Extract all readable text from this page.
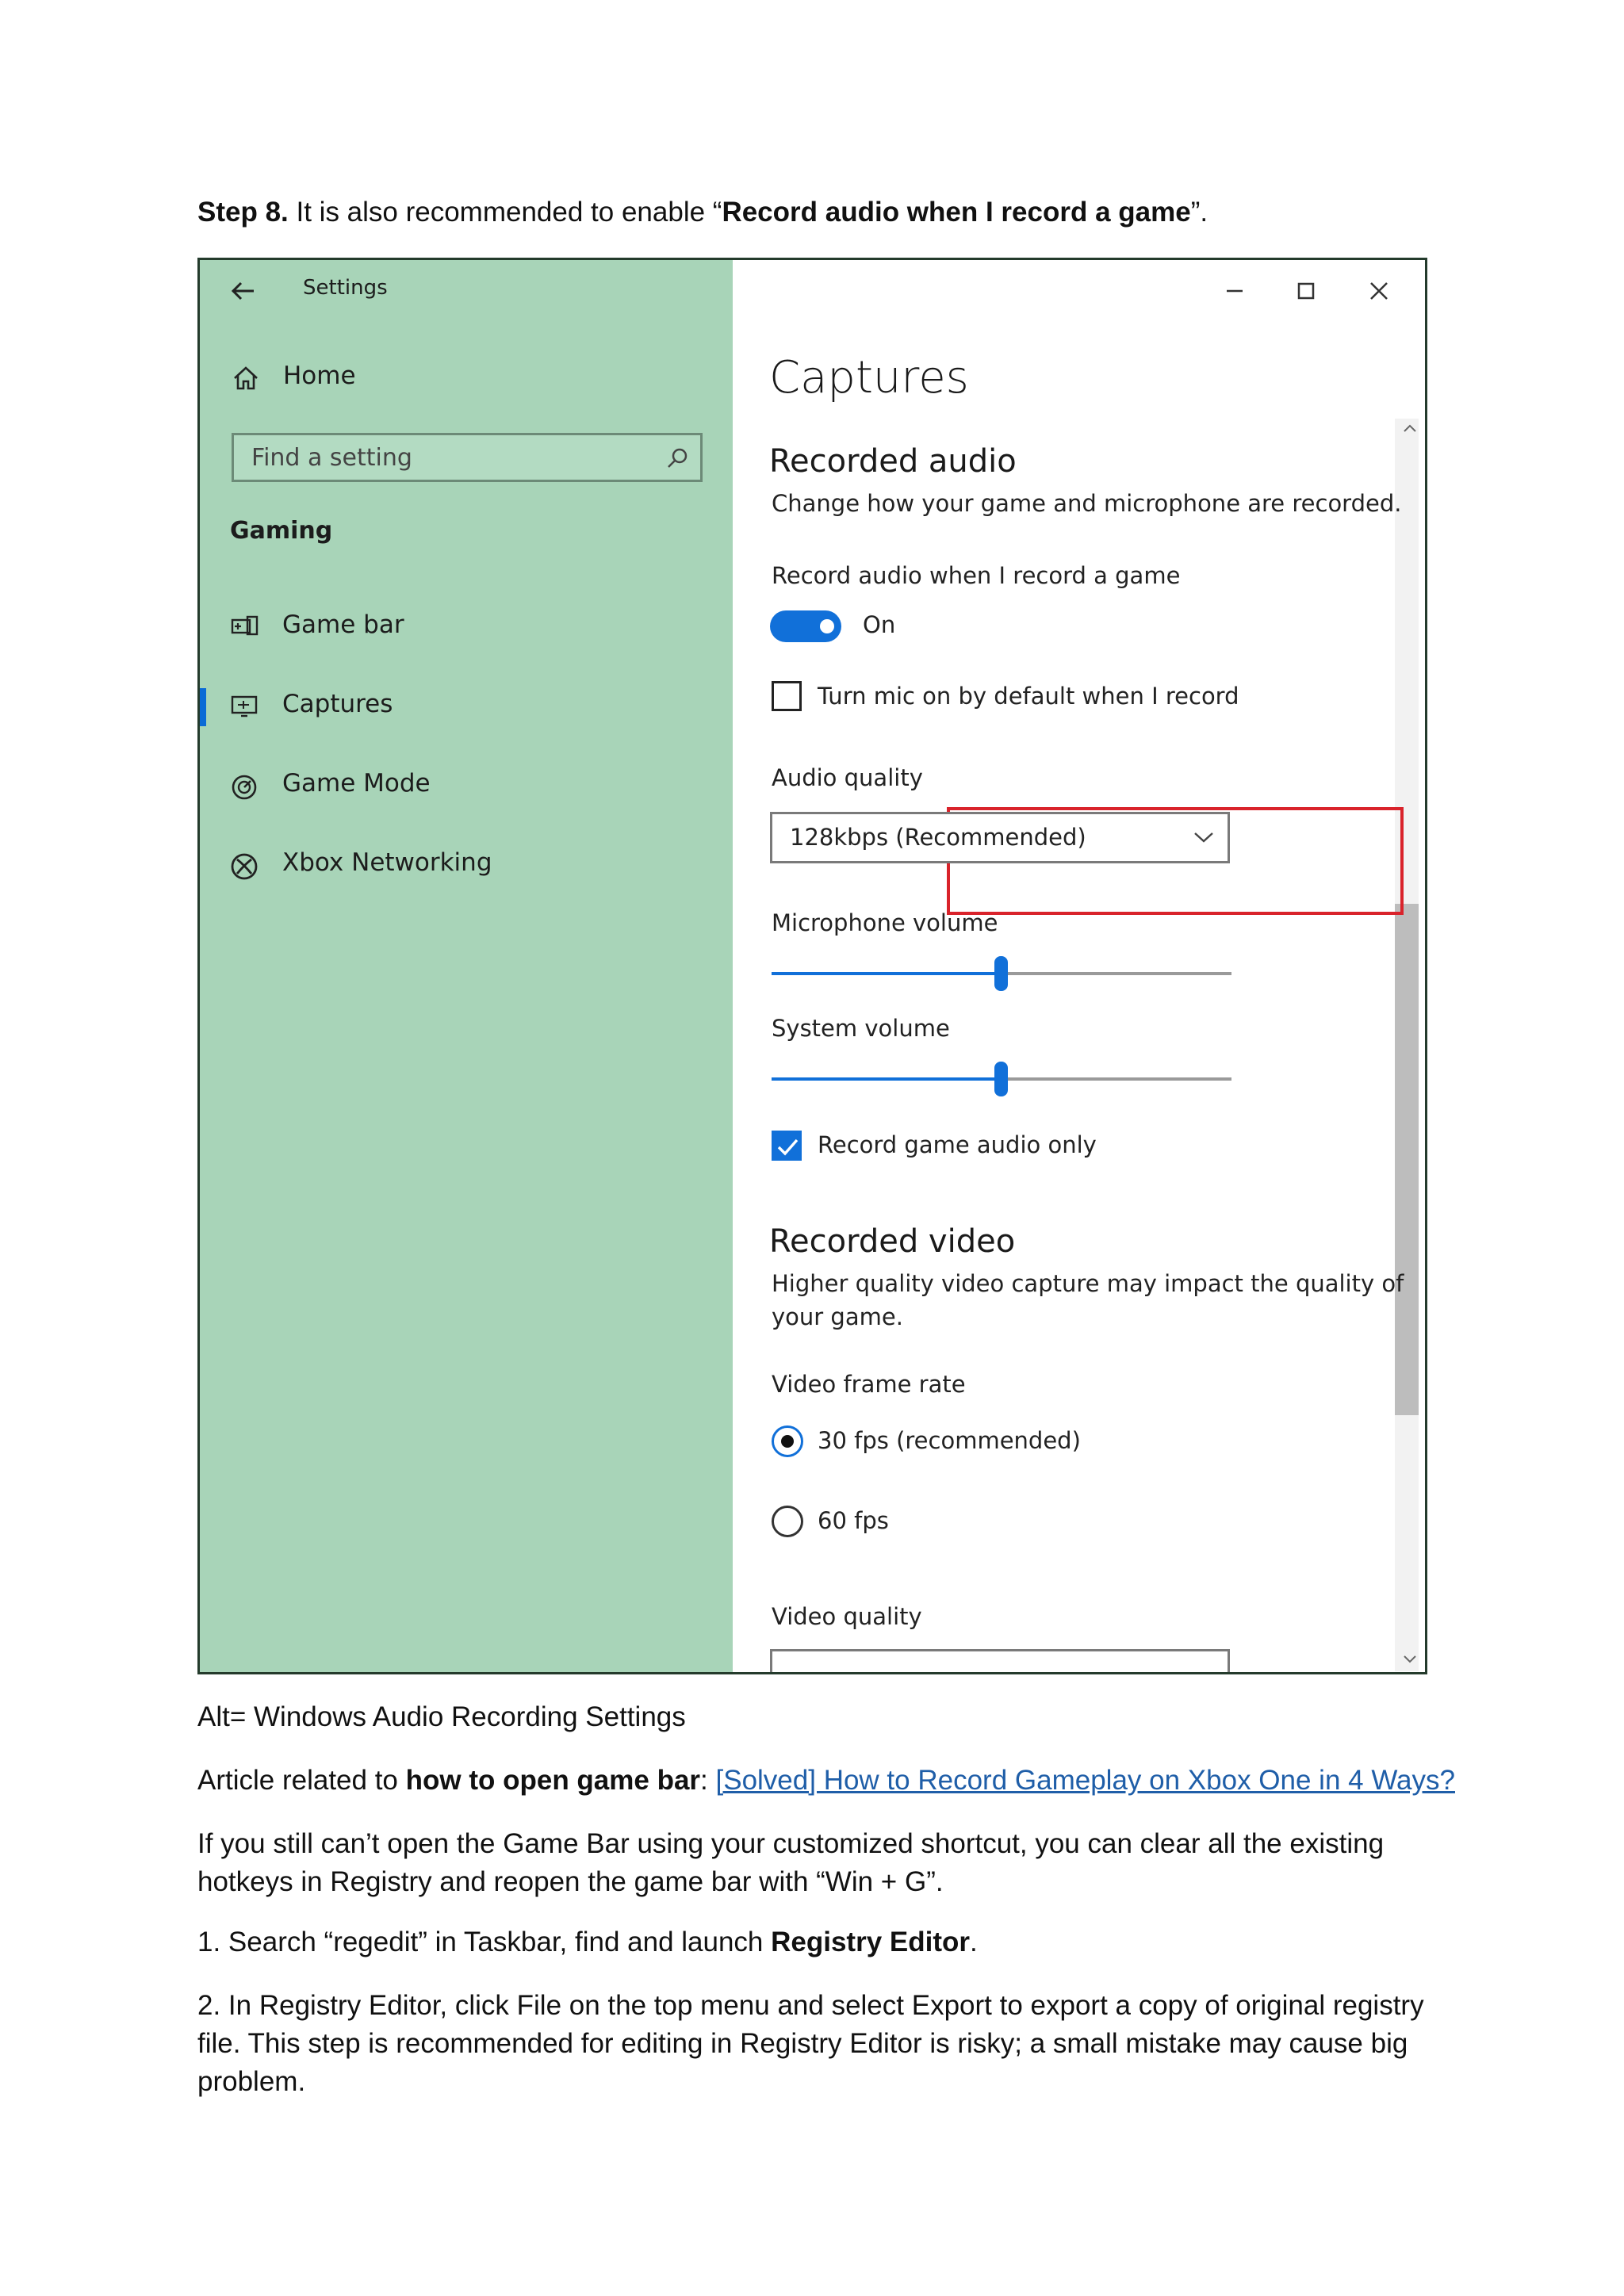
Step 8. It is also recommended to enable “Record audio when I record a game”.
Settings
Home
Find a setting
Gaming
Game bar
Captures
Game Mode
Xbox Networking
Captures
Recorded audio
Change how your game and microphone are recorded.
Record audio when I record a game
On
Turn mic on by default when I record
Audio quality
128kbps (Recommended)
Microphone volume
System volume
Record game audio only
Recorded video
Higher quality video capture may impact the quality of
your game.
Video frame rate
30 fps (recommended)
60 fps
Video quality
Alt= Windows Audio Recording Settings
Article related to how to open game bar: [Solved] How to Record Gameplay on Xbox One in 4 Ways?
If you still can’t open the Game Bar using your customized shortcut, you can clear all the existing
hotkeys in Registry and reopen the game bar with “Win + G”.
1. Search “regedit” in Taskbar, find and launch Registry Editor.
2. In Registry Editor, click File on the top menu and select Export to export a copy of original registry
file. This step is recommended for editing in Registry Editor is risky; a small mistake may cause big
problem.
